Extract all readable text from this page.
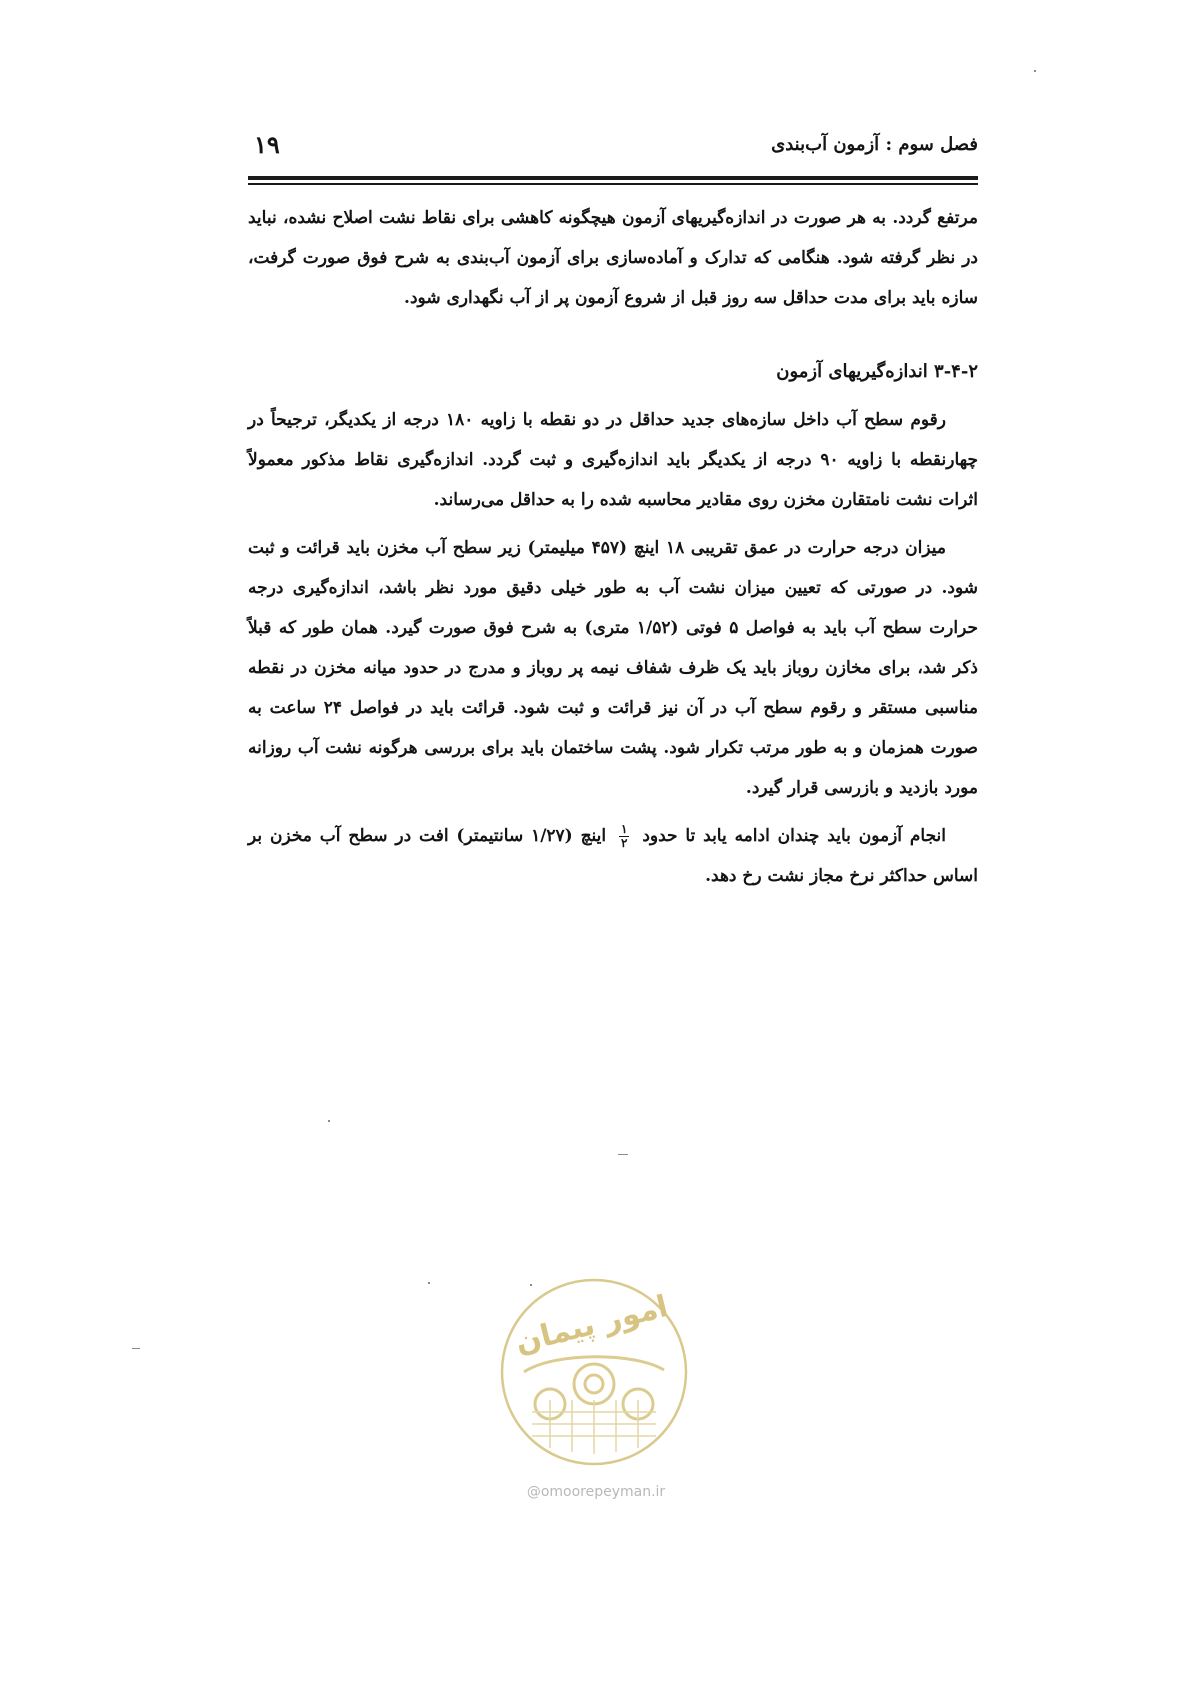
فصل سوم : آزمون آب‌بندی
۱۹

مرتفع گردد. به هر صورت در اندازه‌گیریهای آزمون هیچگونه کاهشی برای نقاط نشت اصلاح نشده، نباید در نظر گرفته شود. هنگامی که تدارک و آماده‌سازی برای آزمون آب‌بندی به شرح فوق صورت گرفت، سازه باید برای مدت حداقل سه روز قبل از شروع آزمون پر از آب نگهداری شود.

۳-۴-۲ اندازه‌گیریهای آزمون

رقوم سطح آب داخل سازه‌های جدید حداقل در دو نقطه با زاویه ۱۸۰ درجه از یکدیگر، ترجیحاً در چهارنقطه با زاویه ۹۰ درجه از یکدیگر باید اندازه‌گیری و ثبت گردد. اندازه‌گیری نقاط مذکور معمولاً اثرات نشت نامتقارن مخزن روی مقادیر محاسبه شده را به حداقل می‌رساند.

میزان درجه حرارت در عمق تقریبی ۱۸ اینچ (۴۵۷ میلیمتر) زیر سطح آب مخزن باید قرائت و ثبت شود. در صورتی که تعیین میزان نشت آب به طور خیلی دقیق مورد نظر باشد، اندازه‌گیری درجه حرارت سطح آب باید به فواصل ۵ فوتی (۱/۵۲ متری) به شرح فوق صورت گیرد. همان طور که قبلاً ذکر شد، برای مخازن روباز باید یک ظرف شفاف نیمه پر روباز و مدرج در حدود میانه مخزن در نقطه مناسبی مستقر و رقوم سطح آب در آن نیز قرائت و ثبت شود. قرائت باید در فواصل ۲۴ ساعت به صورت همزمان و به طور مرتب تکرار شود. پشت ساختمان باید برای بررسی هرگونه نشت آب روزانه مورد بازدید و بازرسی قرار گیرد.

انجام آزمون باید چندان ادامه یابد تا حدود
$\frac{۱}{۲}$
اینچ (۱/۲۷ سانتیمتر) افت در سطح آب مخزن بر اساس حداکثر نرخ مجاز نشت رخ دهد.

امور پیمان
@omoorepeyman.ir
